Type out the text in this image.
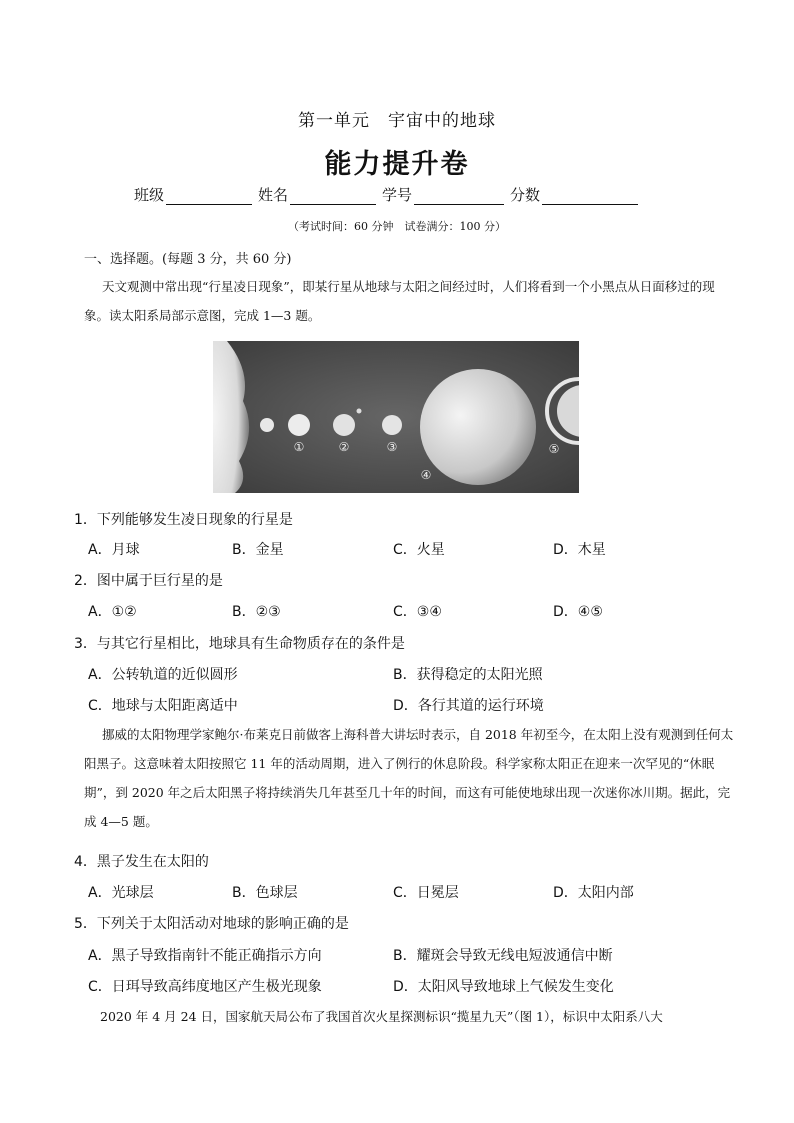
第一单元　宇宙中的地球
能力提升卷
班级	姓名	学号	分数
（考试时间：60 分钟　试卷满分：100 分）
一、选择题。(每题 3 分，共 60 分)
天文观测中常出现“行星凌日现象”，即某行星从地球与太阳之间经过时，人们将看到一个小黑点从日面移过的现象。读太阳系局部示意图，完成 1—3 题。
①	②	③
④
⑤
1．下列能够发生凌日现象的行星是
A．月球	B．金星	C．火星	D．木星
2．图中属于巨行星的是
A．①②	B．②③	C．③④	D．④⑤
3．与其它行星相比，地球具有生命物质存在的条件是
A．公转轨道的近似圆形	B．获得稳定的太阳光照
C．地球与太阳距离适中	D．各行其道的运行环境
挪威的太阳物理学家鲍尔·布莱克日前做客上海科普大讲坛时表示，自 2018 年初至今，在太阳上没有观测到任何太阳黑子。这意味着太阳按照它 11 年的活动周期，进入了例行的休息阶段。科学家称太阳正在迎来一次罕见的“休眠期”，到 2020 年之后太阳黑子将持续消失几年甚至几十年的时间，而这有可能使地球出现一次迷你冰川期。据此，完成 4—5 题。
4．黑子发生在太阳的
A．光球层	B．色球层	C．日冕层	D．太阳内部
5．下列关于太阳活动对地球的影响正确的是
A．黑子导致指南针不能正确指示方向	B．耀斑会导致无线电短波通信中断
C．日珥导致高纬度地区产生极光现象	D．太阳风导致地球上气候发生变化
2020 年 4 月 24 日，国家航天局公布了我国首次火星探测标识“揽星九天”（图 1），标识中太阳系八大
